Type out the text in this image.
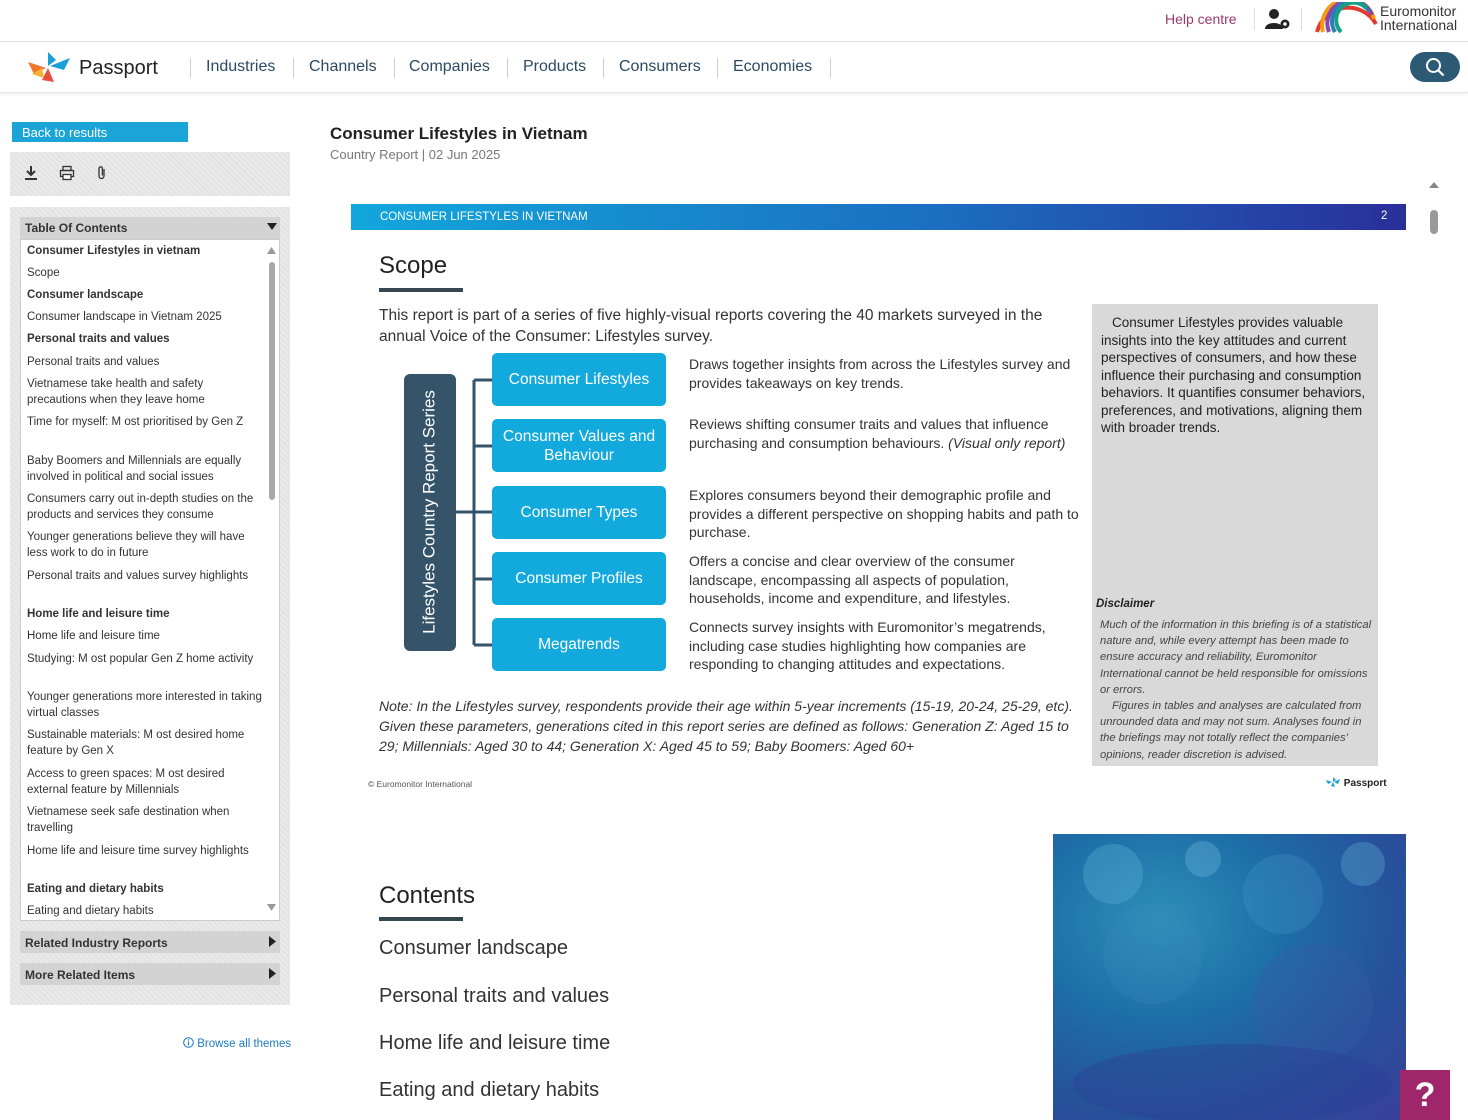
Help centre	Euromonitor
International
Passport	Industries Channels Companies Products Consumers Economies
Back to results
Table Of Contents
Consumer Lifestyles in vietnam
Scope
Consumer landscape
Consumer landscape in Vietnam 2025
Personal traits and values
Personal traits and values
Vietnamese take health and safety precautions when they leave home
Time for myself: M ost prioritised by Gen Z
Baby Boomers and Millennials are equally involved in political and social issues
Consumers carry out in-depth studies on the products and services they consume
Younger generations believe they will have less work to do in future
Personal traits and values survey highlights
Home life and leisure time
Home life and leisure time
Studying: M ost popular Gen Z home activity
Younger generations more interested in taking virtual classes
Sustainable materials: M ost desired home feature by Gen X
Access to green spaces: M ost desired external feature by Millennials
Vietnamese seek safe destination when travelling
Home life and leisure time survey highlights
Eating and dietary habits
Eating and dietary habits
Related Industry Reports
More Related Items
Browse all themes
Consumer Lifestyles in Vietnam
Country Report | 02 Jun 2025
CONSUMER LIFESTYLES IN VIETNAM	2
Scope
This report is part of a series of five highly-visual reports covering the 40 markets surveyed in the annual Voice of the Consumer: Lifestyles survey.
Lifestyles Country Report Series
Consumer Lifestyles
Consumer Values and Behaviour
Consumer Types
Consumer Profiles
Megatrends
Draws together insights from across the Lifestyles survey and provides takeaways on key trends.
Reviews shifting consumer traits and values that influence purchasing and consumption behaviours. (Visual only report)
Explores consumers beyond their demographic profile and provides a different perspective on shopping habits and path to purchase.
Offers a concise and clear overview of the consumer landscape, encompassing all aspects of population, households, income and expenditure, and lifestyles.
Connects survey insights with Euromonitor’s megatrends, including case studies highlighting how companies are responding to changing attitudes and expectations.
Note: In the Lifestyles survey, respondents provide their age within 5-year increments (15-19, 20-24, 25-29, etc). Given these parameters, generations cited in this report series are defined as follows: Generation Z: Aged 15 to 29; Millennials: Aged 30 to 44; Generation X: Aged 45 to 59; Baby Boomers: Aged 60+
© Euromonitor International	Passport
Consumer Lifestyles provides valuable insights into the key attitudes and current perspectives of consumers, and how these influence their purchasing and consumption behaviors. It quantifies consumer behaviors, preferences, and motivations, aligning them with broader trends.
Disclaimer
Much of the information in this briefing is of a statistical nature and, while every attempt has been made to ensure accuracy and reliability, Euromonitor International cannot be held responsible for omissions or errors.
Figures in tables and analyses are calculated from unrounded data and may not sum. Analyses found in the briefings may not totally reflect the companies’ opinions, reader discretion is advised.
Contents
Consumer landscape
Personal traits and values
Home life and leisure time
Eating and dietary habits	?
